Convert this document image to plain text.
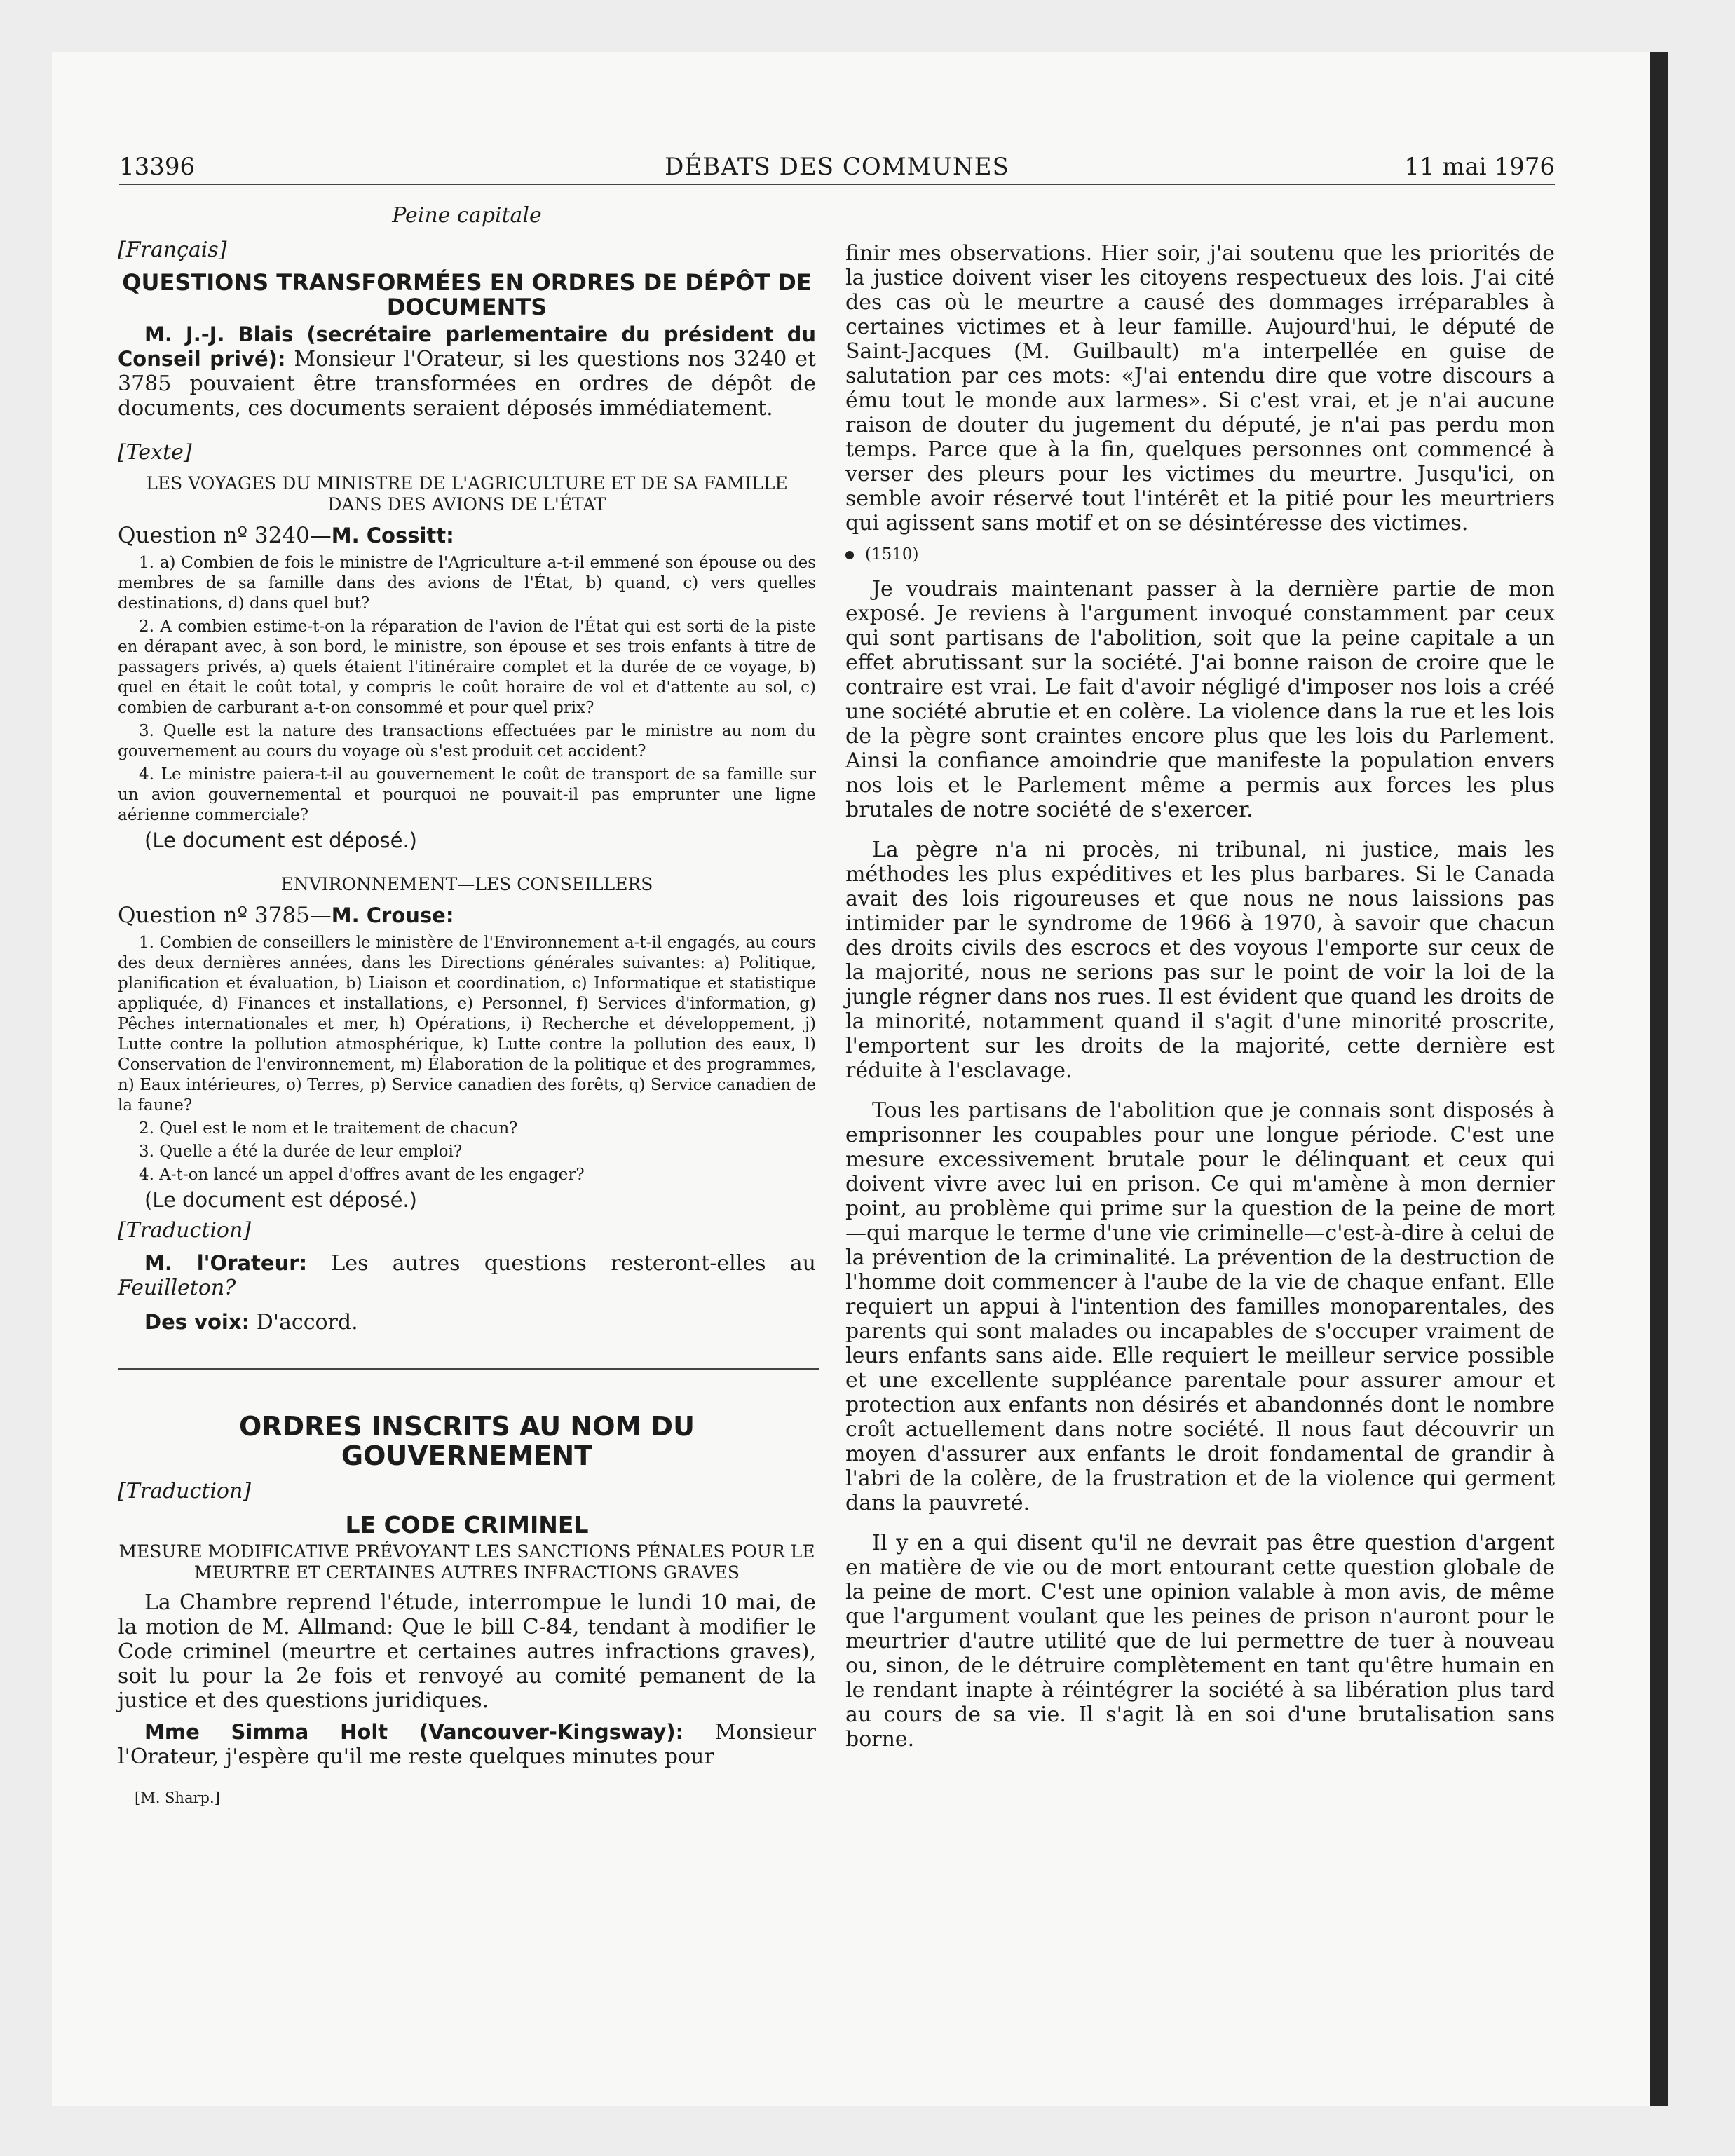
13396	DÉBATS DES COMMUNES	11 mai 1976

Peine capitale

[Français]

QUESTIONS TRANSFORMÉES EN ORDRES DE DÉPÔT DE DOCUMENTS

M. J.-J. Blais (secrétaire parlementaire du président du Conseil privé): Monsieur l'Orateur, si les questions nos 3240 et 3785 pouvaient être transformées en ordres de dépôt de documents, ces documents seraient déposés immédiatement.

[Texte]

LES VOYAGES DU MINISTRE DE L'AGRICULTURE ET DE SA FAMILLE DANS DES AVIONS DE L'ÉTAT

Question nº 3240—M. Cossitt:

1. a) Combien de fois le ministre de l'Agriculture a-t-il emmené son épouse ou des membres de sa famille dans des avions de l'État, b) quand, c) vers quelles destinations, d) dans quel but?

2. A combien estime-t-on la réparation de l'avion de l'État qui est sorti de la piste en dérapant avec, à son bord, le ministre, son épouse et ses trois enfants à titre de passagers privés, a) quels étaient l'itinéraire complet et la durée de ce voyage, b) quel en était le coût total, y compris le coût horaire de vol et d'attente au sol, c) combien de carburant a-t-on consommé et pour quel prix?

3. Quelle est la nature des transactions effectuées par le ministre au nom du gouvernement au cours du voyage où s'est produit cet accident?

4. Le ministre paiera-t-il au gouvernement le coût de transport de sa famille sur un avion gouvernemental et pourquoi ne pouvait-il pas emprunter une ligne aérienne commerciale?

(Le document est déposé.)

ENVIRONNEMENT—LES CONSEILLERS

Question nº 3785—M. Crouse:

1. Combien de conseillers le ministère de l'Environnement a-t-il engagés, au cours des deux dernières années, dans les Directions générales suivantes: a) Politique, planification et évaluation, b) Liaison et coordination, c) Informatique et statistique appliquée, d) Finances et installations, e) Personnel, f) Services d'information, g) Pêches internationales et mer, h) Opérations, i) Recherche et développement, j) Lutte contre la pollution atmosphérique, k) Lutte contre la pollution des eaux, l) Conservation de l'environnement, m) Élaboration de la politique et des programmes, n) Eaux intérieures, o) Terres, p) Service canadien des forêts, q) Service canadien de la faune?

2. Quel est le nom et le traitement de chacun?

3. Quelle a été la durée de leur emploi?

4. A-t-on lancé un appel d'offres avant de les engager?

(Le document est déposé.)

[Traduction]

M. l'Orateur: Les autres questions resteront-elles au Feuilleton?

Des voix: D'accord.

ORDRES INSCRITS AU NOM DU GOUVERNEMENT

[Traduction]

LE CODE CRIMINEL

MESURE MODIFICATIVE PRÉVOYANT LES SANCTIONS PÉNALES POUR LE MEURTRE ET CERTAINES AUTRES INFRACTIONS GRAVES

La Chambre reprend l'étude, interrompue le lundi 10 mai, de la motion de M. Allmand: Que le bill C-84, tendant à modifier le Code criminel (meurtre et certaines autres infractions graves), soit lu pour la 2e fois et renvoyé au comité pemanent de la justice et des questions juridiques.

Mme Simma Holt (Vancouver-Kingsway): Monsieur l'Orateur, j'espère qu'il me reste quelques minutes pour

[M. Sharp.]

finir mes observations. Hier soir, j'ai soutenu que les priorités de la justice doivent viser les citoyens respectueux des lois. J'ai cité des cas où le meurtre a causé des dommages irréparables à certaines victimes et à leur famille. Aujourd'hui, le député de Saint-Jacques (M. Guilbault) m'a interpellée en guise de salutation par ces mots: «J'ai entendu dire que votre discours a ému tout le monde aux larmes». Si c'est vrai, et je n'ai aucune raison de douter du jugement du député, je n'ai pas perdu mon temps. Parce que à la fin, quelques personnes ont commencé à verser des pleurs pour les victimes du meurtre. Jusqu'ici, on semble avoir réservé tout l'intérêt et la pitié pour les meurtriers qui agissent sans motif et on se désintéresse des victimes.

(1510)

Je voudrais maintenant passer à la dernière partie de mon exposé. Je reviens à l'argument invoqué constamment par ceux qui sont partisans de l'abolition, soit que la peine capitale a un effet abrutissant sur la société. J'ai bonne raison de croire que le contraire est vrai. Le fait d'avoir négligé d'imposer nos lois a créé une société abrutie et en colère. La violence dans la rue et les lois de la pègre sont craintes encore plus que les lois du Parlement. Ainsi la confiance amoindrie que manifeste la population envers nos lois et le Parlement même a permis aux forces les plus brutales de notre société de s'exercer.

La pègre n'a ni procès, ni tribunal, ni justice, mais les méthodes les plus expéditives et les plus barbares. Si le Canada avait des lois rigoureuses et que nous ne nous laissions pas intimider par le syndrome de 1966 à 1970, à savoir que chacun des droits civils des escrocs et des voyous l'emporte sur ceux de la majorité, nous ne serions pas sur le point de voir la loi de la jungle régner dans nos rues. Il est évident que quand les droits de la minorité, notamment quand il s'agit d'une minorité proscrite, l'emportent sur les droits de la majorité, cette dernière est réduite à l'esclavage.

Tous les partisans de l'abolition que je connais sont disposés à emprisonner les coupables pour une longue période. C'est une mesure excessivement brutale pour le délinquant et ceux qui doivent vivre avec lui en prison. Ce qui m'amène à mon dernier point, au problème qui prime sur la question de la peine de mort—qui marque le terme d'une vie criminelle—c'est-à-dire à celui de la prévention de la criminalité. La prévention de la destruction de l'homme doit commencer à l'aube de la vie de chaque enfant. Elle requiert un appui à l'intention des familles monoparentales, des parents qui sont malades ou incapables de s'occuper vraiment de leurs enfants sans aide. Elle requiert le meilleur service possible et une excellente suppléance parentale pour assurer amour et protection aux enfants non désirés et abandonnés dont le nombre croît actuellement dans notre société. Il nous faut découvrir un moyen d'assurer aux enfants le droit fondamental de grandir à l'abri de la colère, de la frustration et de la violence qui germent dans la pauvreté.

Il y en a qui disent qu'il ne devrait pas être question d'argent en matière de vie ou de mort entourant cette question globale de la peine de mort. C'est une opinion valable à mon avis, de même que l'argument voulant que les peines de prison n'auront pour le meurtrier d'autre utilité que de lui permettre de tuer à nouveau ou, sinon, de le détruire complètement en tant qu'être humain en le rendant inapte à réintégrer la société à sa libération plus tard au cours de sa vie. Il s'agit là en soi d'une brutalisation sans borne.
